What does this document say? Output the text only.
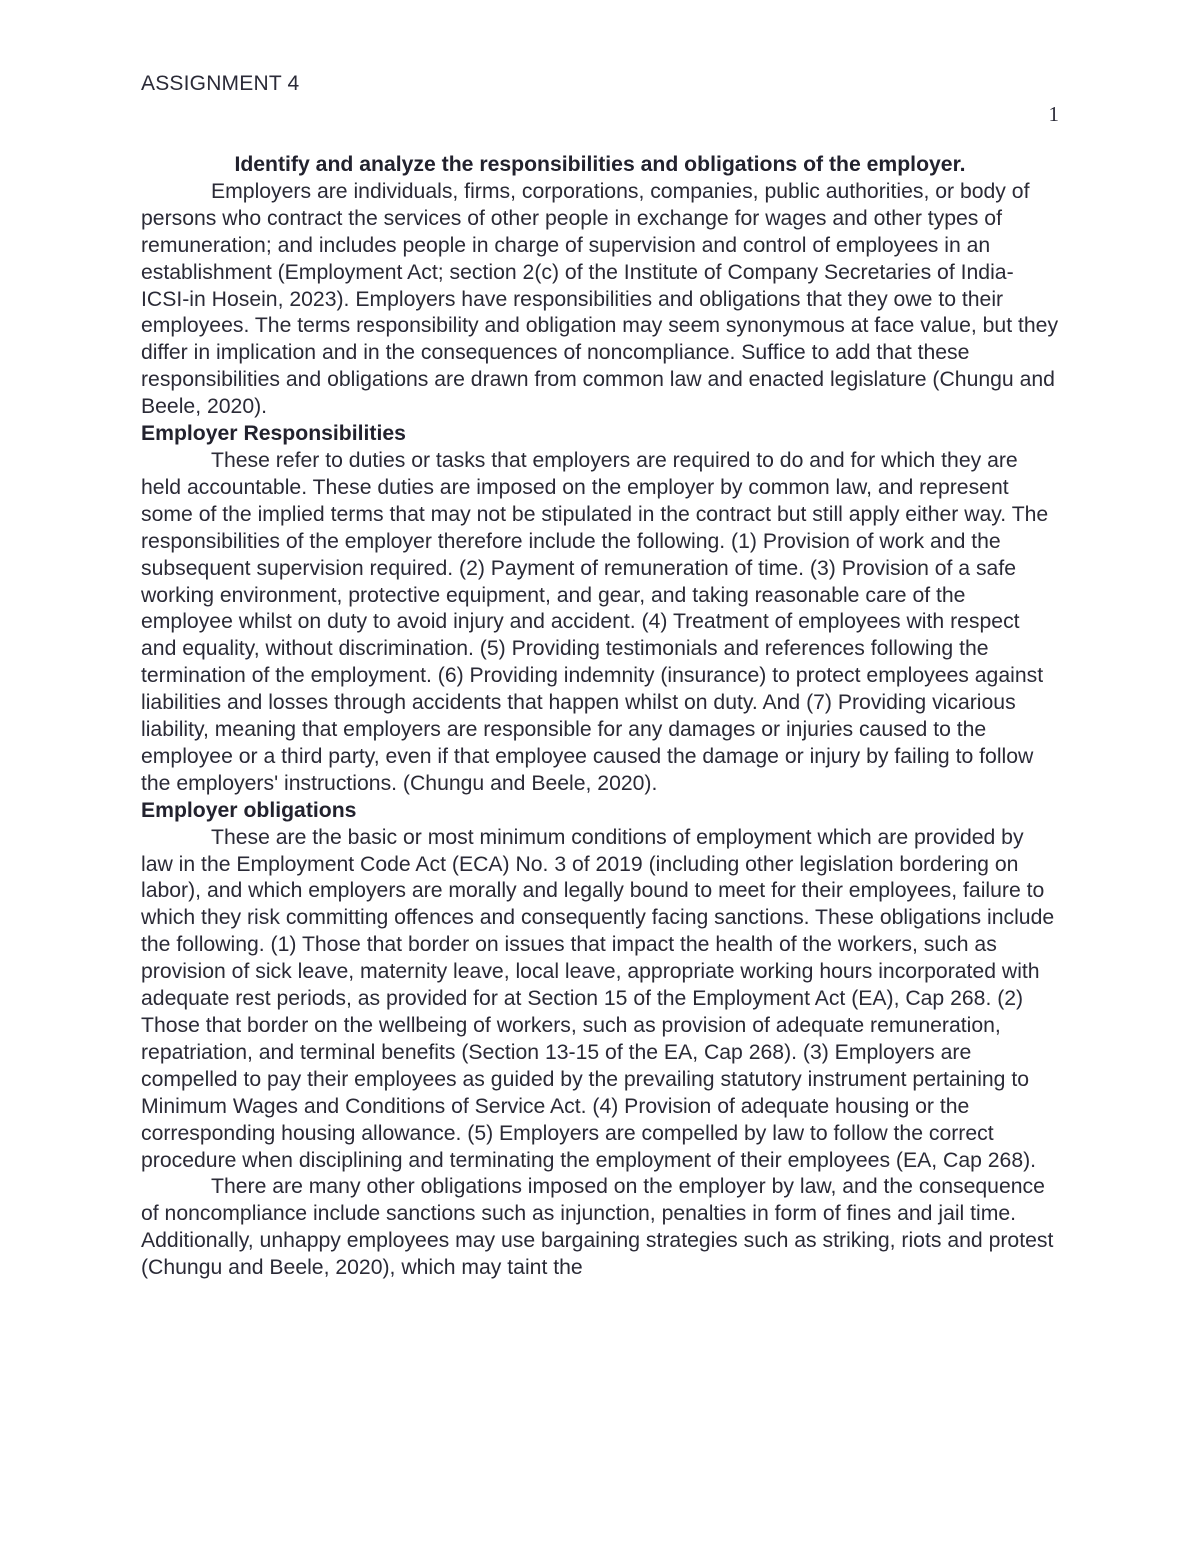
ASSIGNMENT 4
1

Identify and analyze the responsibilities and obligations of the employer.

Employers are individuals, firms, corporations, companies, public authorities, or body of persons who contract the services of other people in exchange for wages and other types of remuneration; and includes people in charge of supervision and control of employees in an establishment (Employment Act; section 2(c) of the Institute of Company Secretaries of India-ICSI-in Hosein, 2023). Employers have responsibilities and obligations that they owe to their employees. The terms responsibility and obligation may seem synonymous at face value, but they differ in implication and in the consequences of noncompliance. Suffice to add that these responsibilities and obligations are drawn from common law and enacted legislature (Chungu and Beele, 2020).

Employer Responsibilities

These refer to duties or tasks that employers are required to do and for which they are held accountable. These duties are imposed on the employer by common law, and represent some of the implied terms that may not be stipulated in the contract but still apply either way. The responsibilities of the employer therefore include the following. (1) Provision of work and the subsequent supervision required. (2) Payment of remuneration of time. (3) Provision of a safe working environment, protective equipment, and gear, and taking reasonable care of the employee whilst on duty to avoid injury and accident. (4) Treatment of employees with respect and equality, without discrimination. (5) Providing testimonials and references following the termination of the employment. (6) Providing indemnity (insurance) to protect employees against liabilities and losses through accidents that happen whilst on duty. And (7) Providing vicarious liability, meaning that employers are responsible for any damages or injuries caused to the employee or a third party, even if that employee caused the damage or injury by failing to follow the employers' instructions. (Chungu and Beele, 2020).

Employer obligations

These are the basic or most minimum conditions of employment which are provided by law in the Employment Code Act (ECA) No. 3 of 2019 (including other legislation bordering on labor), and which employers are morally and legally bound to meet for their employees, failure to which they risk committing offences and consequently facing sanctions. These obligations include the following. (1) Those that border on issues that impact the health of the workers, such as provision of sick leave, maternity leave, local leave, appropriate working hours incorporated with adequate rest periods, as provided for at Section 15 of the Employment Act (EA), Cap 268. (2) Those that border on the wellbeing of workers, such as provision of adequate remuneration, repatriation, and terminal benefits (Section 13-15 of the EA, Cap 268). (3) Employers are compelled to pay their employees as guided by the prevailing statutory instrument pertaining to Minimum Wages and Conditions of Service Act. (4) Provision of adequate housing or the corresponding housing allowance. (5) Employers are compelled by law to follow the correct procedure when disciplining and terminating the employment of their employees (EA, Cap 268).

There are many other obligations imposed on the employer by law, and the consequence of noncompliance include sanctions such as injunction, penalties in form of fines and jail time. Additionally, unhappy employees may use bargaining strategies such as striking, riots and protest (Chungu and Beele, 2020), which may taint the
